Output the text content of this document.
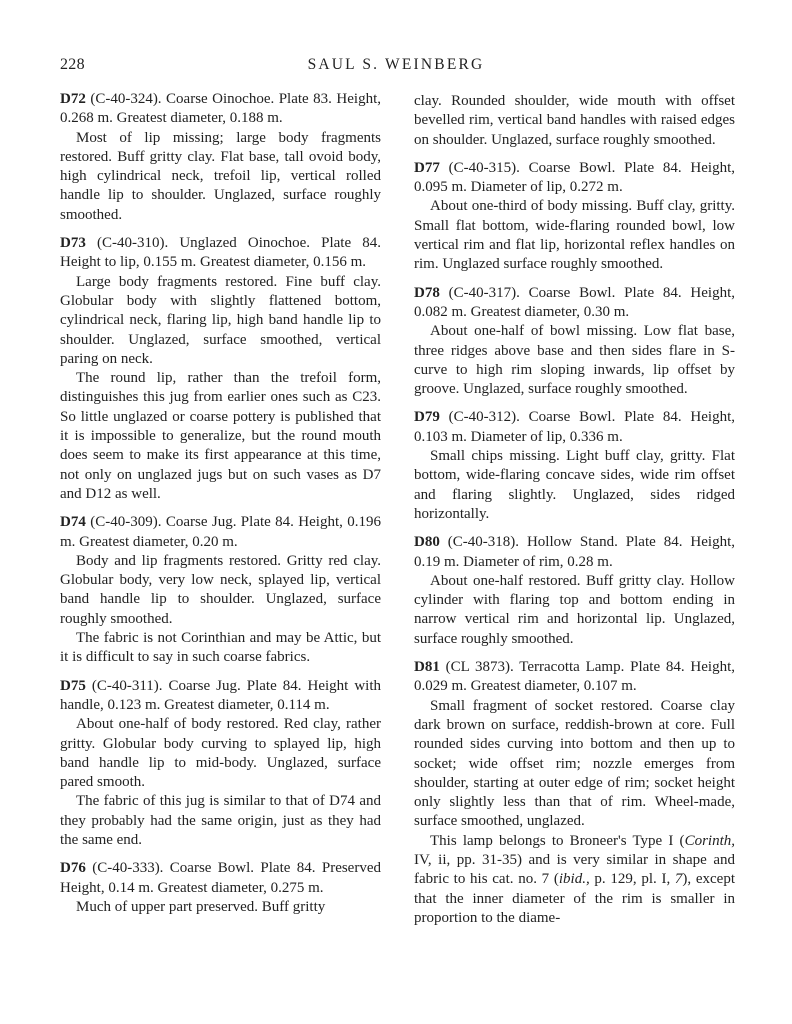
228	SAUL S. WEINBERG

D72 (C-40-324). Coarse Oinochoe. Plate 83. Height, 0.268 m. Greatest diameter, 0.188 m.

Most of lip missing; large body fragments restored. Buff gritty clay. Flat base, tall ovoid body, high cylindrical neck, trefoil lip, vertical rolled handle lip to shoulder. Unglazed, surface roughly smoothed.

D73 (C-40-310). Unglazed Oinochoe. Plate 84. Height to lip, 0.155 m. Greatest diameter, 0.156 m.

Large body fragments restored. Fine buff clay. Globular body with slightly flattened bottom, cylindrical neck, flaring lip, high band handle lip to shoulder. Unglazed, surface smoothed, vertical paring on neck.

The round lip, rather than the trefoil form, distinguishes this jug from earlier ones such as C23. So little unglazed or coarse pottery is published that it is impossible to generalize, but the round mouth does seem to make its first appearance at this time, not only on unglazed jugs but on such vases as D7 and D12 as well.

D74 (C-40-309). Coarse Jug. Plate 84. Height, 0.196 m. Greatest diameter, 0.20 m.

Body and lip fragments restored. Gritty red clay. Globular body, very low neck, splayed lip, vertical band handle lip to shoulder. Unglazed, surface roughly smoothed.

The fabric is not Corinthian and may be Attic, but it is difficult to say in such coarse fabrics.

D75 (C-40-311). Coarse Jug. Plate 84. Height with handle, 0.123 m. Greatest diameter, 0.114 m.

About one-half of body restored. Red clay, rather gritty. Globular body curving to splayed lip, high band handle lip to mid-body. Unglazed, surface pared smooth.

The fabric of this jug is similar to that of D74 and they probably had the same origin, just as they had the same end.

D76 (C-40-333). Coarse Bowl. Plate 84. Preserved Height, 0.14 m. Greatest diameter, 0.275 m.

Much of upper part preserved. Buff gritty

clay. Rounded shoulder, wide mouth with offset bevelled rim, vertical band handles with raised edges on shoulder. Unglazed, surface roughly smoothed.

D77 (C-40-315). Coarse Bowl. Plate 84. Height, 0.095 m. Diameter of lip, 0.272 m.

About one-third of body missing. Buff clay, gritty. Small flat bottom, wide-flaring rounded bowl, low vertical rim and flat lip, horizontal reflex handles on rim. Unglazed surface roughly smoothed.

D78 (C-40-317). Coarse Bowl. Plate 84. Height, 0.082 m. Greatest diameter, 0.30 m.

About one-half of bowl missing. Low flat base, three ridges above base and then sides flare in S-curve to high rim sloping inwards, lip offset by groove. Unglazed, surface roughly smoothed.

D79 (C-40-312). Coarse Bowl. Plate 84. Height, 0.103 m. Diameter of lip, 0.336 m.

Small chips missing. Light buff clay, gritty. Flat bottom, wide-flaring concave sides, wide rim offset and flaring slightly. Unglazed, sides ridged horizontally.

D80 (C-40-318). Hollow Stand. Plate 84. Height, 0.19 m. Diameter of rim, 0.28 m.

About one-half restored. Buff gritty clay. Hollow cylinder with flaring top and bottom ending in narrow vertical rim and horizontal lip. Unglazed, surface roughly smoothed.

D81 (CL 3873). Terracotta Lamp. Plate 84. Height, 0.029 m. Greatest diameter, 0.107 m.

Small fragment of socket restored. Coarse clay dark brown on surface, reddish-brown at core. Full rounded sides curving into bottom and then up to socket; wide offset rim; nozzle emerges from shoulder, starting at outer edge of rim; socket height only slightly less than that of rim. Wheel-made, surface smoothed, unglazed.

This lamp belongs to Broneer's Type I (Corinth, IV, ii, pp. 31-35) and is very similar in shape and fabric to his cat. no. 7 (ibid., p. 129, pl. I, 7), except that the inner diameter of the rim is smaller in proportion to the diame-
